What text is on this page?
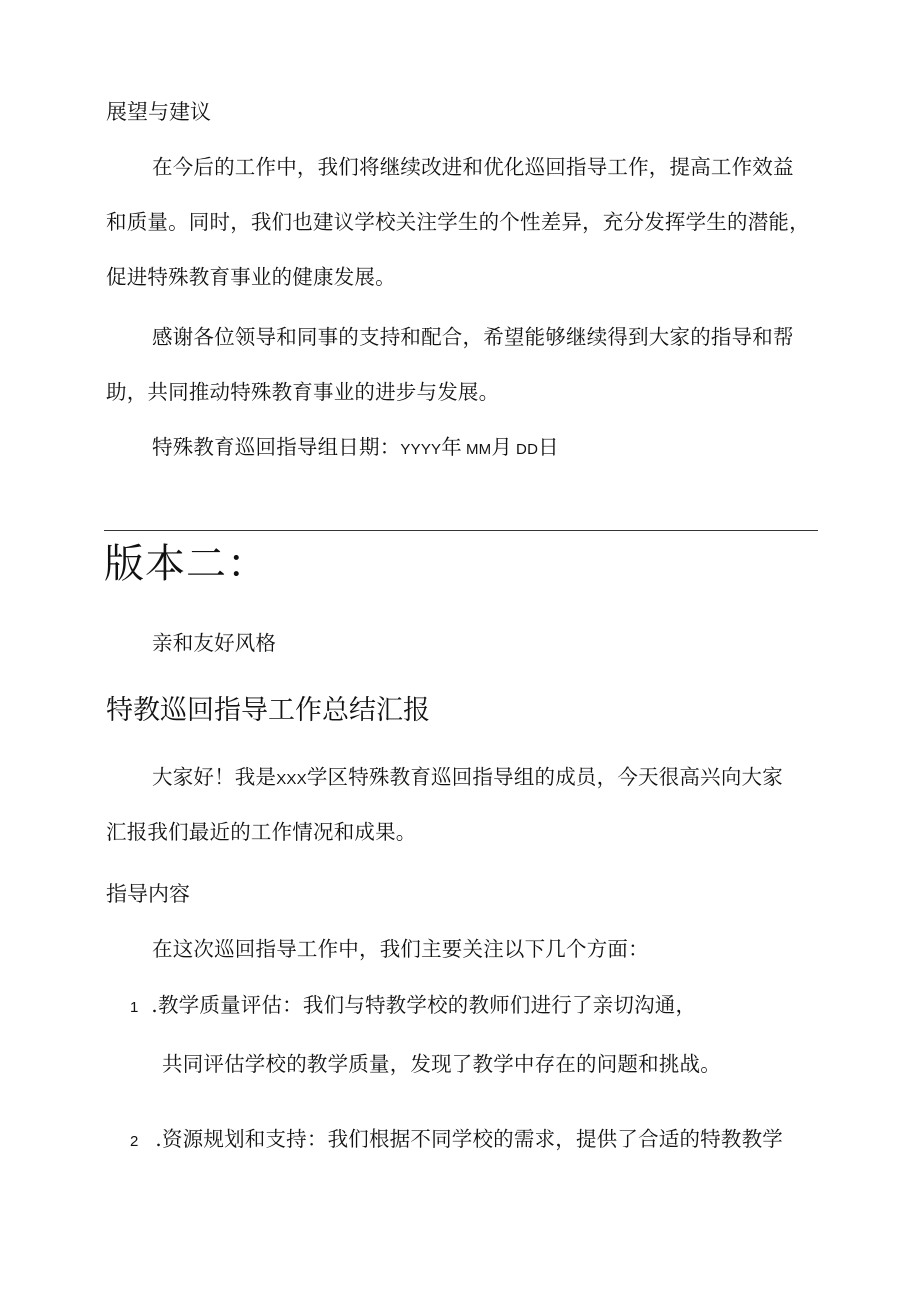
展望与建议
在今后的工作中，我们将继续改进和优化巡回指导工作，提高工作效益
和质量。同时，我们也建议学校关注学生的个性差异，充分发挥学生的潜能，
促进特殊教育事业的健康发展。
感谢各位领导和同事的支持和配合，希望能够继续得到大家的指导和帮
助，共同推动特殊教育事业的进步与发展。
特殊教育巡回指导组日期：YYYY年 MM月 DD日
版本二：
亲和友好风格
特教巡回指导工作总结汇报
大家好！我是XXX学区特殊教育巡回指导组的成员，今天很高兴向大家
汇报我们最近的工作情况和成果。
指导内容
在这次巡回指导工作中，我们主要关注以下几个方面：
1 .教学质量评估：我们与特教学校的教师们进行了亲切沟通，
共同评估学校的教学质量，发现了教学中存在的问题和挑战。
2 .资源规划和支持：我们根据不同学校的需求，提供了合适的特教教学
